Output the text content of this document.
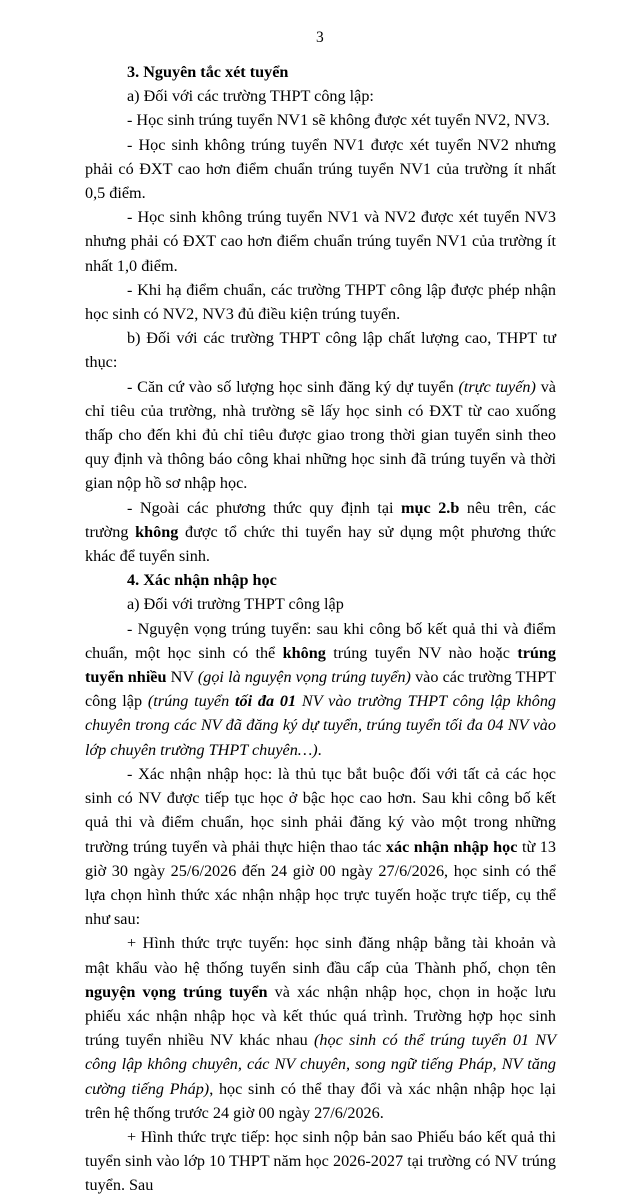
3

3. Nguyên tắc xét tuyển

a) Đối với các trường THPT công lập:

- Học sinh trúng tuyển NV1 sẽ không được xét tuyển NV2, NV3.

- Học sinh không trúng tuyển NV1 được xét tuyển NV2 nhưng phải có ĐXT cao hơn điểm chuẩn trúng tuyển NV1 của trường ít nhất 0,5 điểm.

- Học sinh không trúng tuyển NV1 và NV2 được xét tuyển NV3 nhưng phải có ĐXT cao hơn điểm chuẩn trúng tuyển NV1 của trường ít nhất 1,0 điểm.

- Khi hạ điểm chuẩn, các trường THPT công lập được phép nhận học sinh có NV2, NV3 đủ điều kiện trúng tuyển.

b) Đối với các trường THPT công lập chất lượng cao, THPT tư thục:

- Căn cứ vào số lượng học sinh đăng ký dự tuyển (trực tuyến) và chỉ tiêu của trường, nhà trường sẽ lấy học sinh có ĐXT từ cao xuống thấp cho đến khi đủ chỉ tiêu được giao trong thời gian tuyển sinh theo quy định và thông báo công khai những học sinh đã trúng tuyển và thời gian nộp hồ sơ nhập học.

- Ngoài các phương thức quy định tại mục 2.b nêu trên, các trường không được tổ chức thi tuyển hay sử dụng một phương thức khác để tuyển sinh.

4. Xác nhận nhập học

a) Đối với trường THPT công lập

- Nguyện vọng trúng tuyển: sau khi công bố kết quả thi và điểm chuẩn, một học sinh có thể không trúng tuyển NV nào hoặc trúng tuyển nhiều NV (gọi là nguyện vọng trúng tuyển) vào các trường THPT công lập (trúng tuyển tối đa 01 NV vào trường THPT công lập không chuyên trong các NV đã đăng ký dự tuyển, trúng tuyển tối đa 04 NV vào lớp chuyên trường THPT chuyên…).

- Xác nhận nhập học: là thủ tục bắt buộc đối với tất cả các học sinh có NV được tiếp tục học ở bậc học cao hơn. Sau khi công bố kết quả thi và điểm chuẩn, học sinh phải đăng ký vào một trong những trường trúng tuyển và phải thực hiện thao tác xác nhận nhập học từ 13 giờ 30 ngày 25/6/2026 đến 24 giờ 00 ngày 27/6/2026, học sinh có thể lựa chọn hình thức xác nhận nhập học trực tuyến hoặc trực tiếp, cụ thể như sau:

+ Hình thức trực tuyến: học sinh đăng nhập bằng tài khoản và mật khẩu vào hệ thống tuyển sinh đầu cấp của Thành phố, chọn tên nguyện vọng trúng tuyển và xác nhận nhập học, chọn in hoặc lưu phiếu xác nhận nhập học và kết thúc quá trình. Trường hợp học sinh trúng tuyển nhiều NV khác nhau (học sinh có thể trúng tuyển 01 NV công lập không chuyên, các NV chuyên, song ngữ tiếng Pháp, NV tăng cường tiếng Pháp), học sinh có thể thay đổi và xác nhận nhập học lại trên hệ thống trước 24 giờ 00 ngày 27/6/2026.

+ Hình thức trực tiếp: học sinh nộp bản sao Phiếu báo kết quả thi tuyển sinh vào lớp 10 THPT năm học 2026-2027 tại trường có NV trúng tuyển. Sau
